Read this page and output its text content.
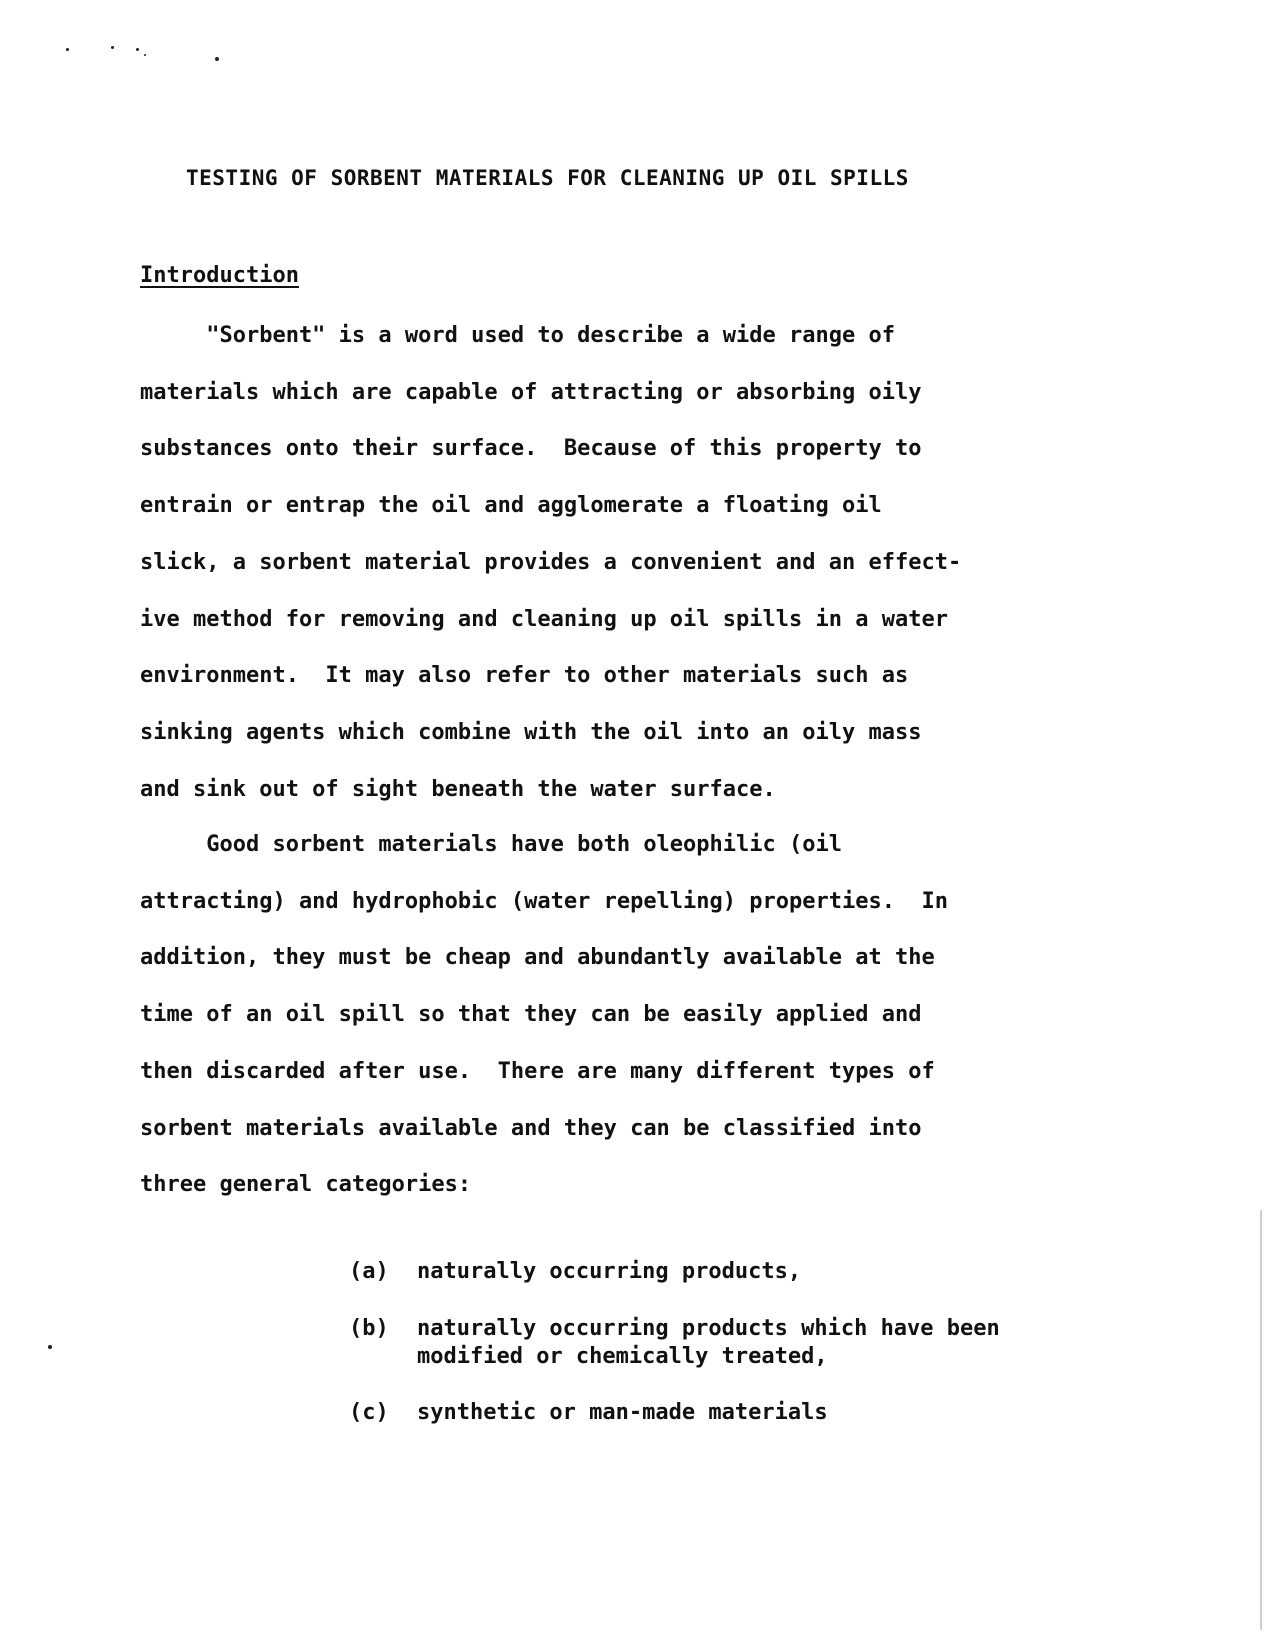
TESTING OF SORBENT MATERIALS FOR CLEANING UP OIL SPILLS
Introduction
"Sorbent" is a word used to describe a wide range of
materials which are capable of attracting or absorbing oily
substances onto their surface.  Because of this property to
entrain or entrap the oil and agglomerate a floating oil
slick, a sorbent material provides a convenient and an effect-
ive method for removing and cleaning up oil spills in a water
environment.  It may also refer to other materials such as
sinking agents which combine with the oil into an oily mass
and sink out of sight beneath the water surface.
Good sorbent materials have both oleophilic (oil
attracting) and hydrophobic (water repelling) properties.  In
addition, they must be cheap and abundantly available at the
time of an oil spill so that they can be easily applied and
then discarded after use.  There are many different types of
sorbent materials available and they can be classified into
three general categories:

(a) naturally occurring products,

(b) naturally occurring products which have been
modified or chemically treated,

(c) synthetic or man-made materials
